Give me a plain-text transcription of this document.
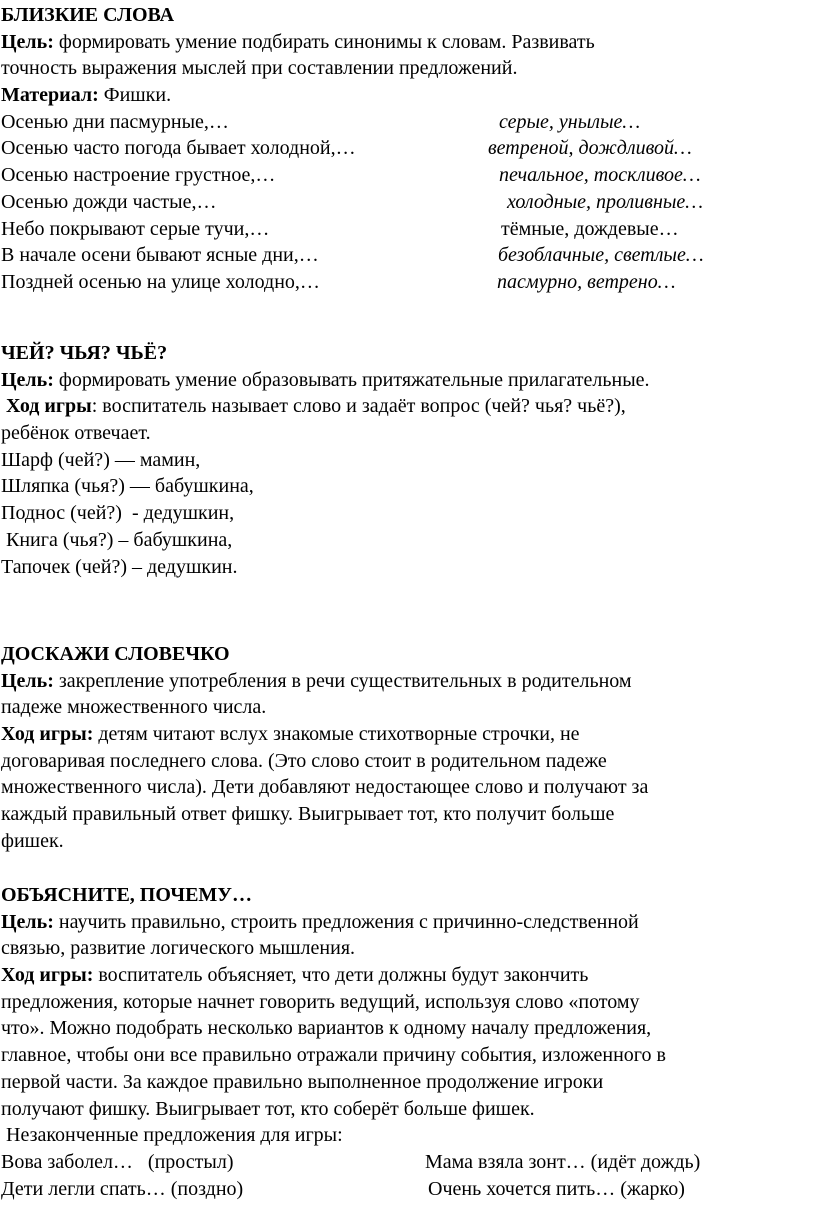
БЛИЗКИЕ СЛОВА
Цель: формировать умение подбирать синонимы к словам. Развивать
точность выражения мыслей при составлении предложений.
Материал: Фишки.
Осенью дни пасмурные,…	серые, унылые…
Осенью часто погода бывает холодной,…	ветреной, дождливой…
Осенью настроение грустное,…	печальное, тоскливое…
Осенью дожди частые,…	холодные, проливные…
Небо покрывают серые тучи,…	тёмные, дождевые…
В начале осени бывают ясные дни,…	безоблачные, светлые…
Поздней осенью на улице холодно,…	пасмурно, ветрено…
ЧЕЙ? ЧЬЯ? ЧЬЁ?
Цель: формировать умение образовывать притяжательные прилагательные.
Ход игры: воспитатель называет слово и задаёт вопрос (чей? чья? чьё?),
ребёнок отвечает.
Шарф (чей?) — мамин,
Шляпка (чья?) — бабушкина,
Поднос (чей?)  - дедушкин,
Книга (чья?) – бабушкина,
Тапочек (чей?) – дедушкин.
ДОСКАЖИ СЛОВЕЧКО
Цель: закрепление употребления в речи существительных в родительном
падеже множественного числа.
Ход игры: детям читают вслух знакомые стихотворные строчки, не
договаривая последнего слова. (Это слово стоит в родительном падеже
множественного числа). Дети добавляют недостающее слово и получают за
каждый правильный ответ фишку. Выигрывает тот, кто получит больше
фишек.
ОБЪЯСНИТЕ, ПОЧЕМУ…
Цель: научить правильно, строить предложения с причинно-следственной
связью, развитие логического мышления.
Ход игры: воспитатель объясняет, что дети должны будут закончить
предложения, которые начнет говорить ведущий, используя слово «потому
что». Можно подобрать несколько вариантов к одному началу предложения,
главное, чтобы они все правильно отражали причину события, изложенного в
первой части. За каждое правильно выполненное продолжение игроки
получают фишку. Выигрывает тот, кто соберёт больше фишек.
Незаконченные предложения для игры:
Вова заболел…   (простыл)	Мама взяла зонт… (идёт дождь)
Дети легли спать… (поздно)	Очень хочется пить… (жарко)
